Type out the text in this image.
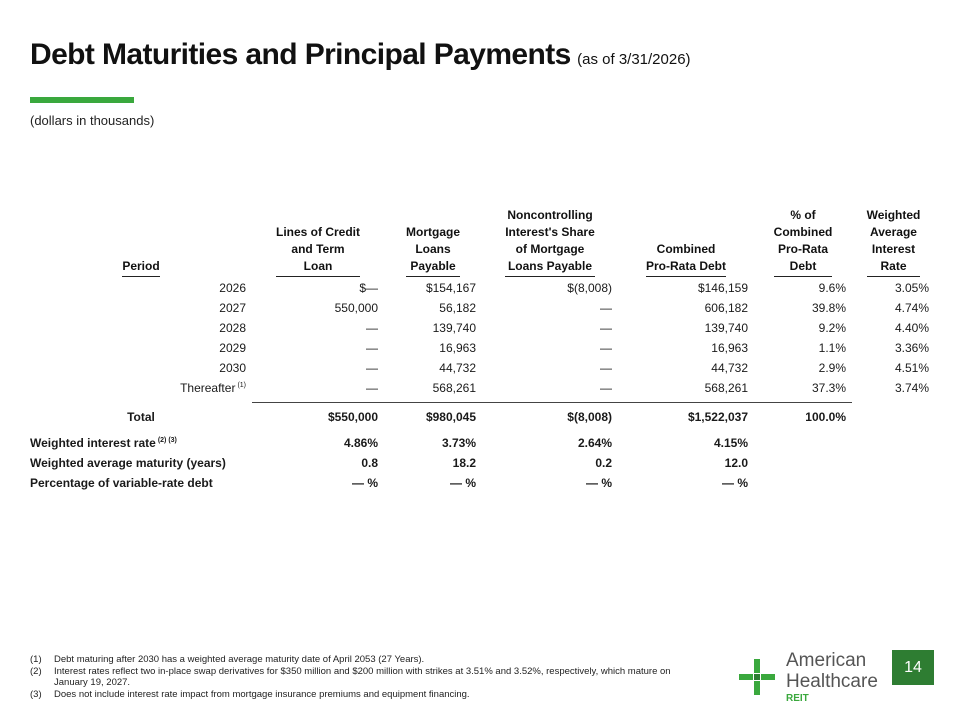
Debt Maturities and Principal Payments (as of 3/31/2026)
(dollars in thousands)
Period	Lines of Credit
and Term
Loan	Mortgage
Loans
Payable	Noncontrolling
Interest's Share
of Mortgage
Loans Payable	Combined
Pro-Rata Debt	% of
Combined
Pro-Rata
Debt	Weighted
Average
Interest
Rate

2026	$—	$154,167	$(8,008)	$146,159	9.6%	3.05%
2027	550,000	56,182	—	606,182	39.8%	4.74%
2028	—	139,740	—	139,740	9.2%	4.40%
2029	—	16,963	—	16,963	1.1%	3.36%
2030	—	44,732	—	44,732	2.9%	4.51%
Thereafter $^{(1)}$	—	568,261	—	568,261	37.3%	3.74%

Total	$550,000	$980,045	$(8,008)	$1,522,037	100.0%	

Weighted interest rate $^{(2) (3)}$	4.86%	3.73%	2.64%	4.15%		
Weighted average maturity (years)	0.8	18.2	0.2	12.0		
Percentage of variable-rate debt	— %	— %	— %	— %		
(1)	Debt maturing after 2030 has a weighted average maturity date of April 2053 (27 Years).
(2)	Interest rates reflect two in-place swap derivatives for $350 million and $200 million with strikes at 3.51% and 3.52%, respectively, which mature on January 19, 2027.
(3)	Does not include interest rate impact from mortgage insurance premiums and equipment financing.
American
Healthcare
REIT
14
